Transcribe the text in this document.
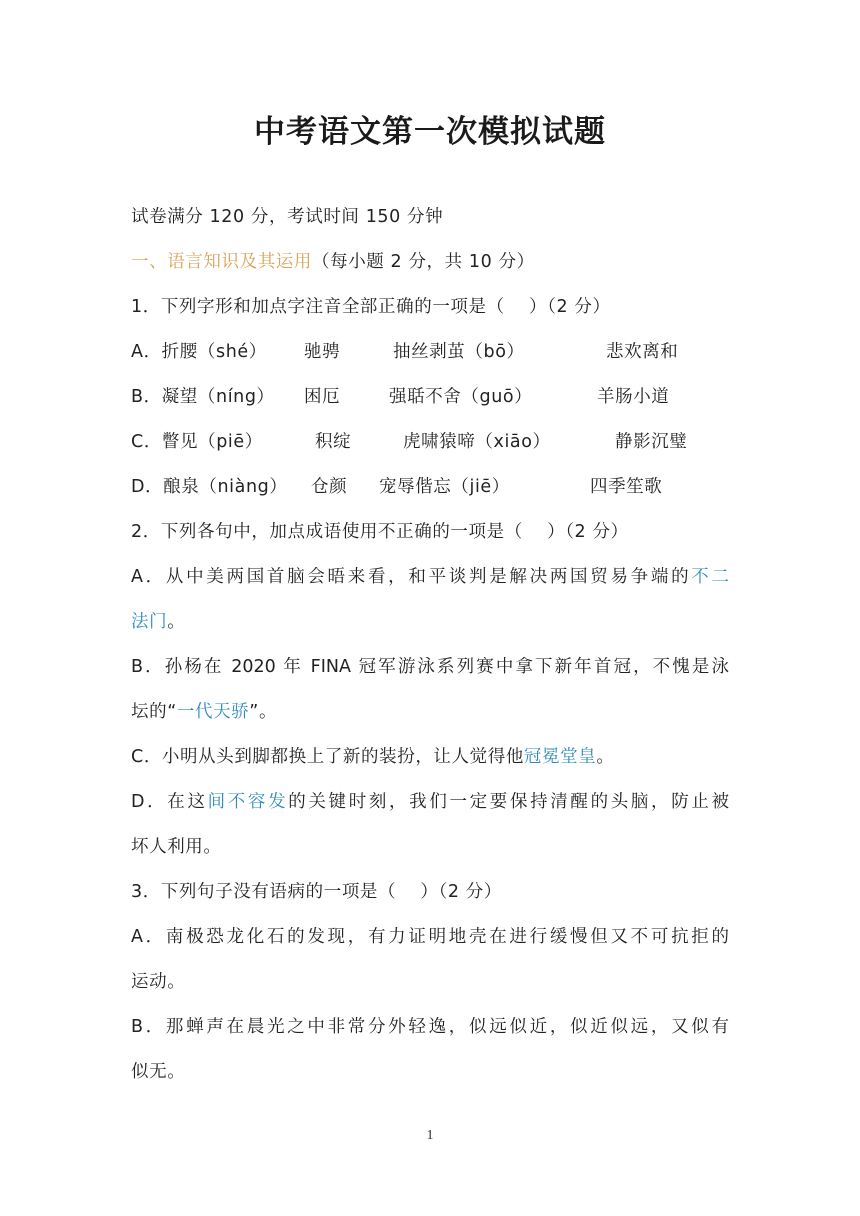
中考语文第一次模拟试题
试卷满分 120 分，考试时间 150 分钟
一、语言知识及其运用（每小题 2 分，共 10 分）
1．下列字形和加点字注音全部正确的一项是（　 ）（2 分）
A．折腰（shé） 驰骋	抽丝剥茧（bō）	悲欢离和
B．凝望（níng） 困厄	强聒不舍（guō）	羊肠小道
C．瞥见（piē）	积绽	虎啸猿啼（xiāo）	静影沉璧
D．酿泉（niàng） 仓颜 宠辱偕忘（jiē）	四季笙歌
2．下列各句中，加点成语使用不正确的一项是（　 ）（2 分）
A．从中美两国首脑会晤来看，和平谈判是解决两国贸易争端的不二
法门。
B．孙杨在 2020 年 FINA 冠军游泳系列赛中拿下新年首冠，不愧是泳
坛的“一代天骄”。
C．小明从头到脚都换上了新的装扮，让人觉得他冠冕堂皇。
D．在这间不容发的关键时刻，我们一定要保持清醒的头脑，防止被
坏人利用。
3．下列句子没有语病的一项是（　 ）（2 分）
A．南极恐龙化石的发现，有力证明地壳在进行缓慢但又不可抗拒的
运动。
B．那蝉声在晨光之中非常分外轻逸，似远似近，似近似远，又似有
似无。
1
